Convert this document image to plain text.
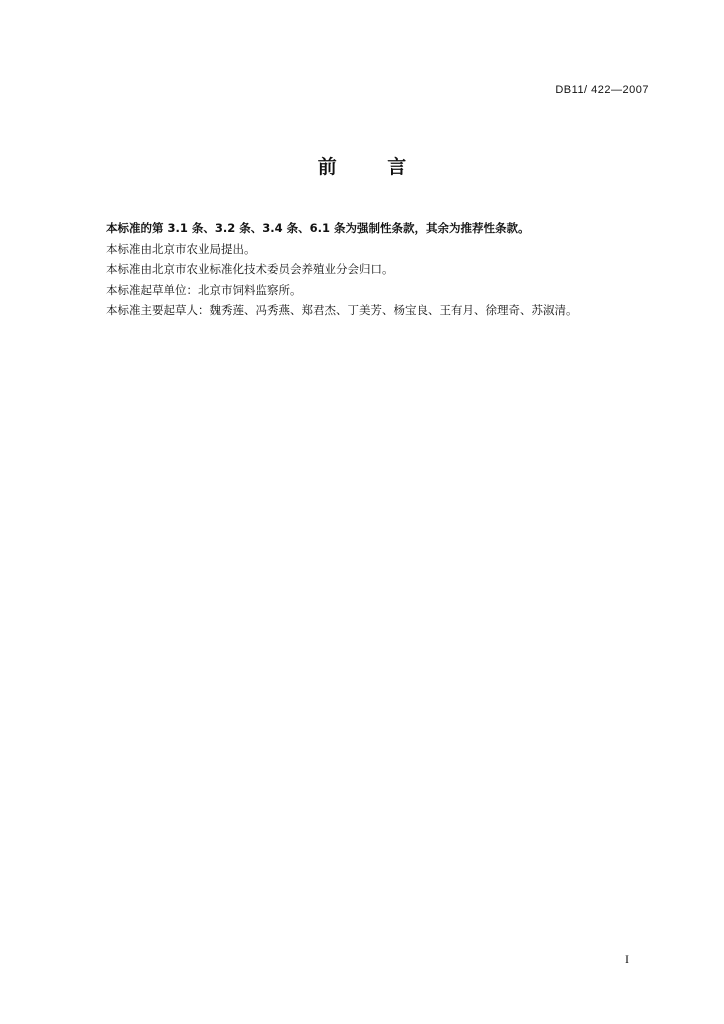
DB11/ 422—2007
前 言
本标准的第 3.1 条、3.2 条、3.4 条、6.1 条为强制性条款，其余为推荐性条款。
本标准由北京市农业局提出。
本标准由北京市农业标准化技术委员会养殖业分会归口。
本标准起草单位：北京市饲料监察所。
本标准主要起草人：魏秀莲、冯秀燕、郑君杰、丁美芳、杨宝良、王有月、徐理奇、苏淑清。
I
